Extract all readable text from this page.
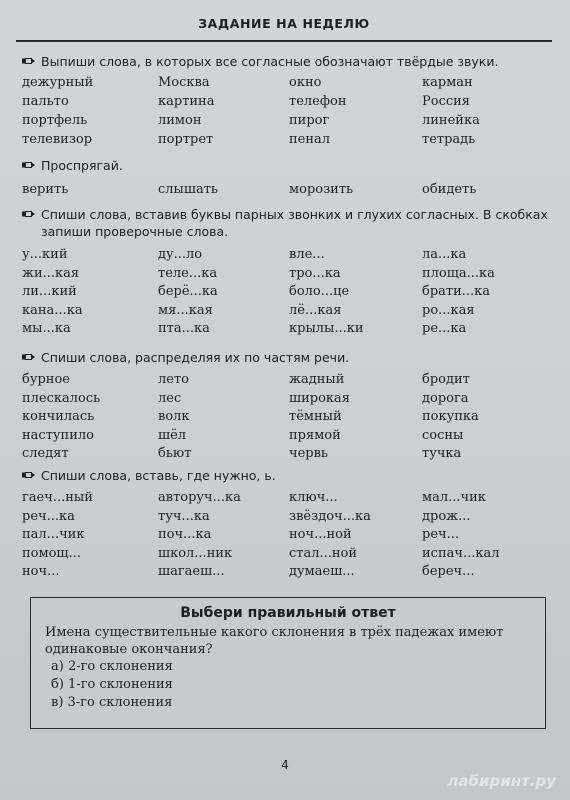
ЗАДАНИЕ НА НЕДЕЛЮ
Выпиши слова, в которых все согласные обозначают твёрдые звуки.
дежурный	Москва	окно	карман
пальто	картина	телефон	Россия
портфель	лимон	пирог	линейка
телевизор	портрет	пенал	тетрадь
Проспрягай.
верить	слышать	морозить	обидеть
Спиши слова, вставив буквы парных звонких и глухих согласных. В скобках запиши проверочные слова.
у...кий	ду...ло	вле...	ла...ка
жи...кая	теле...ка	тро...ка	площа...ка
ли...кий	берё...ка	боло...це	брати...ка
кана...ка	мя...кая	лё...кая	ро...кая
мы...ка	пта...ка	крылы...ки	ре...ка
Спиши слова, распределяя их по частям речи.
бурное	лето	жадный	бродит
плескалось	лес	широкая	дорога
кончилась	волк	тёмный	покупка
наступило	шёл	прямой	сосны
следят	бьют	червь	тучка
Спиши слова, вставь, где нужно, ь.
гаеч...ный	авторуч...ка	ключ...	мал...чик
реч...ка	туч...ка	звёздоч...ка	дрож...
пал...чик	поч...ка	ноч...ной	реч...
помощ...	школ...ник	стал...ной	испач...кал
ноч...	шагаеш...	думаеш...	береч...
Выбери правильный ответ
Имена существительные какого склонения в трёх падежах имеют одинаковые окончания?
а) 2-го склонения
б) 1-го склонения
в) 3-го склонения
4
лабиринт.ру
